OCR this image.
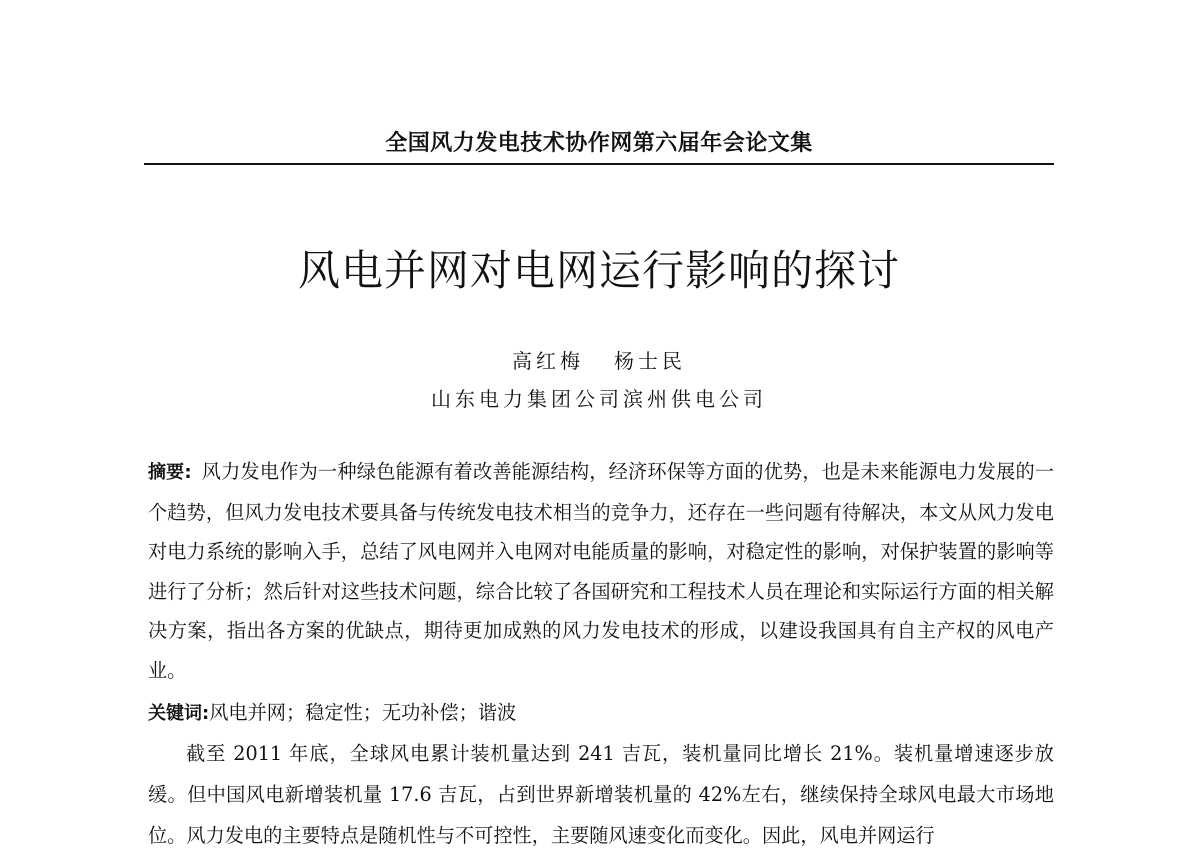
全国风力发电技术协作网第六届年会论文集
风电并网对电网运行影响的探讨
高红梅 杨士民
山东电力集团公司滨州供电公司
摘要: 风力发电作为一种绿色能源有着改善能源结构，经济环保等方面的优势，也是未来能源电力发展的一个趋势，但风力发电技术要具备与传统发电技术相当的竞争力，还存在一些问题有待解决，本文从风力发电对电力系统的影响入手，总结了风电网并入电网对电能质量的影响，对稳定性的影响，对保护装置的影响等进行了分析；然后针对这些技术问题，综合比较了各国研究和工程技术人员在理论和实际运行方面的相关解决方案，指出各方案的优缺点，期待更加成熟的风力发电技术的形成，以建设我国具有自主产权的风电产业。
关键词:风电并网；稳定性；无功补偿；谐波

截至 2011 年底，全球风电累计装机量达到 241 吉瓦，装机量同比增长 21%。装机量增速逐步放缓。但中国风电新增装机量 17.6 吉瓦，占到世界新增装机量的 42%左右，继续保持全球风电最大市场地位。风力发电的主要特点是随机性与不可控性，主要随风速变化而变化。因此，风电并网运行
